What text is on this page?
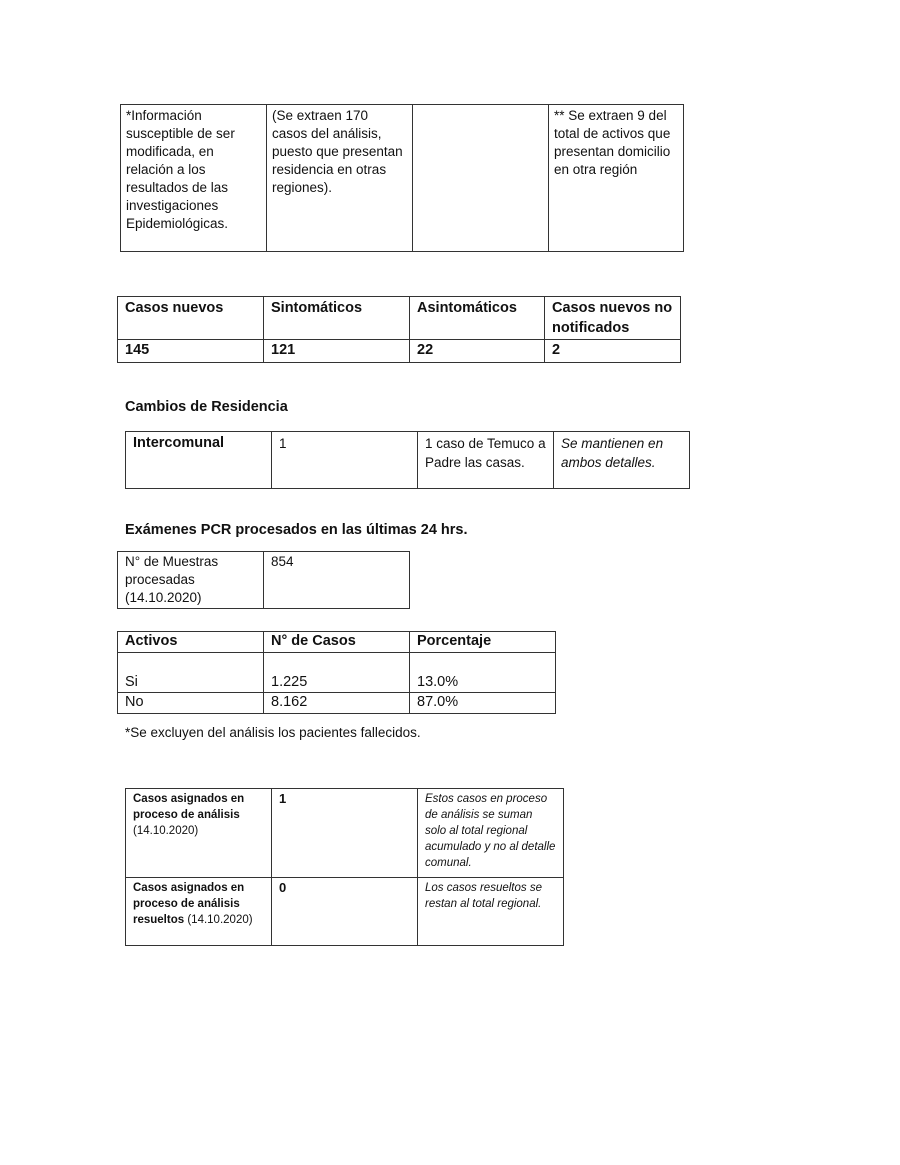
*Información susceptible de ser modificada, en relación a los resultados de las investigaciones Epidemiológicas.	(Se extraen 170 casos del análisis, puesto que presentan residencia en otras regiones).		** Se extraen 9 del total de activos que presentan domicilio en otra región
Casos nuevos	Sintomáticos	Asintomáticos	Casos nuevos no notificados
145	121	22	2
Cambios de Residencia
Intercomunal	1	1 caso de Temuco a Padre las casas.	Se mantienen en ambos detalles.
Exámenes PCR procesados en las últimas 24 hrs.
N° de Muestras procesadas (14.10.2020)	854
Activos	N° de Casos	Porcentaje
Si	1.225	13.0%
No	8.162	87.0%
*Se excluyen del análisis los pacientes fallecidos.
Casos asignados en proceso de análisis (14.10.2020)	1	Estos casos en proceso de análisis se suman solo al total regional acumulado y no al detalle comunal.
Casos asignados en proceso de análisis resueltos (14.10.2020)	0	Los casos resueltos se restan al total regional.
